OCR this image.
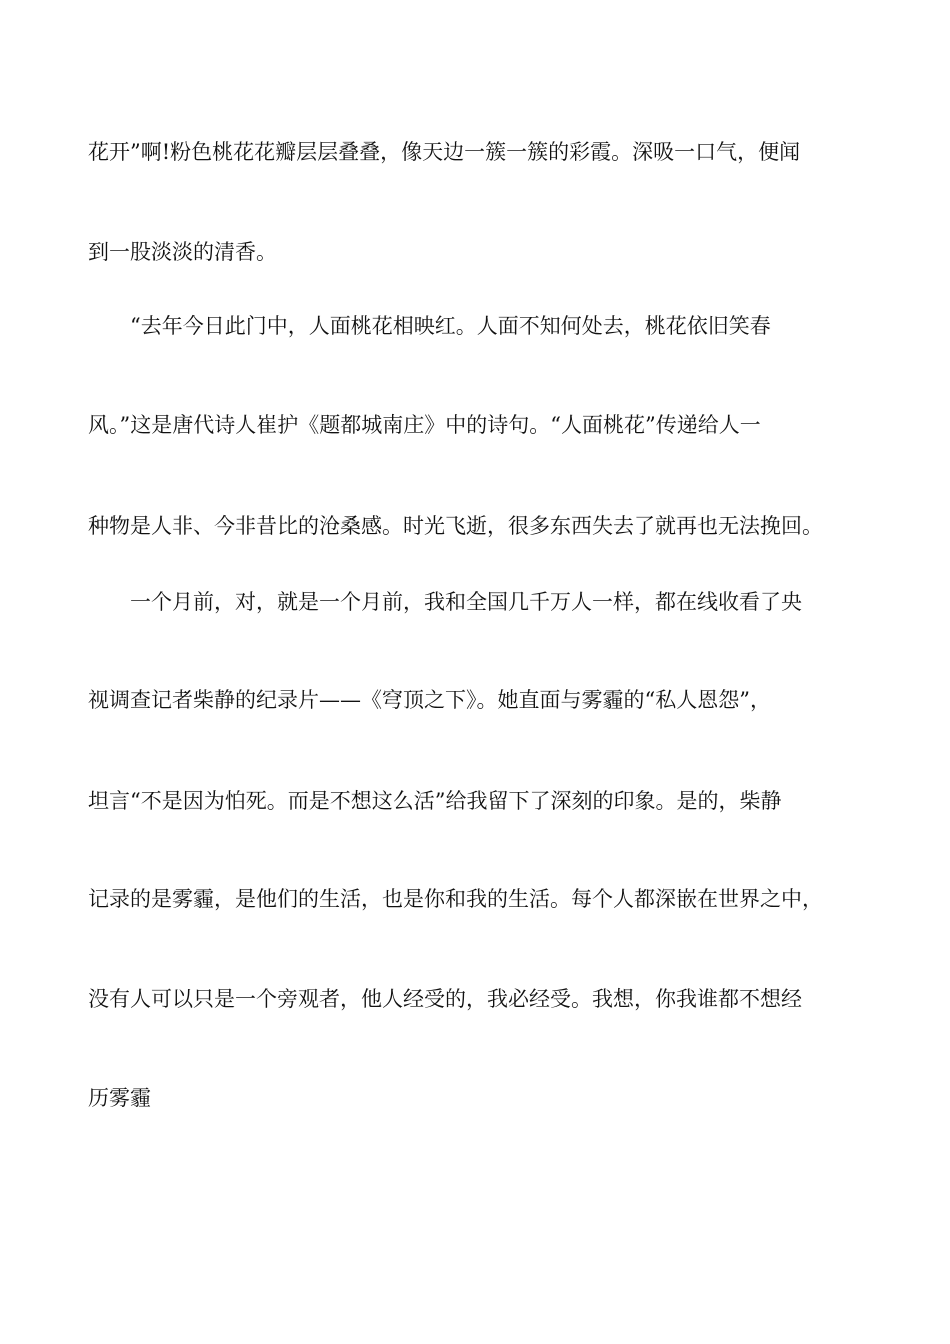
花开”啊!粉色桃花花瓣层层叠叠，像天边一簇一簇的彩霞。深吸一口气，便闻
到一股淡淡的清香。
“去年今日此门中，人面桃花相映红。人面不知何处去，桃花依旧笑春
风。”这是唐代诗人崔护《题都城南庄》中的诗句。“人面桃花”传递给人一
种物是人非、今非昔比的沧桑感。时光飞逝，很多东西失去了就再也无法挽回。
一个月前，对，就是一个月前，我和全国几千万人一样，都在线收看了央
视调查记者柴静的纪录片——《穹顶之下》。她直面与雾霾的“私人恩怨”，
坦言“不是因为怕死。而是不想这么活”给我留下了深刻的印象。是的，柴静
记录的是雾霾，是他们的生活，也是你和我的生活。每个人都深嵌在世界之中，
没有人可以只是一个旁观者，他人经受的，我必经受。我想，你我谁都不想经
历雾霾
